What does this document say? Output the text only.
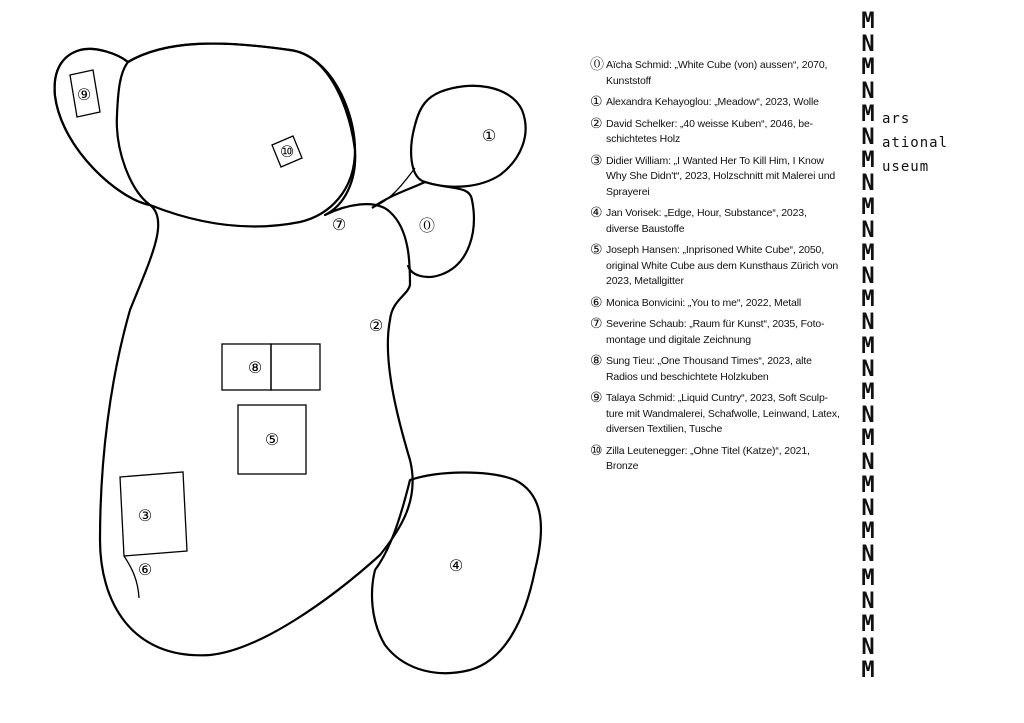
⓪
①
②
③
④
⑤
⑥
⑦
⑧
⑨
⑩
⓪ Aïcha Schmid: „White Cube (von) aussen“, 2070, Kunststoff
① Alexandra Kehayoglou: „Meadow“, 2023, Wolle
② David Schelker: „40 weisse Kuben“, 2046, be-schichtetes Holz
③ Didier William: „I Wanted Her To Kill Him, I Know Why She Didn't“, 2023, Holzschnitt mit Malerei und Sprayerei
④ Jan Vorisek: „Edge, Hour, Substance“, 2023, diverse Baustoffe
⑤ Joseph Hansen: „Inprisoned White Cube“, 2050, original White Cube aus dem Kunsthaus Zürich von 2023, Metallgitter
⑥ Monica Bonvicini: „You to me“, 2022, Metall
⑦ Severine Schaub: „Raum für Kunst“, 2035, Foto-montage und digitale Zeichnung
⑧ Sung Tieu: „One Thousand Times“, 2023, alte Radios und beschichtete Holzkuben
⑨ Talaya Schmid: „Liquid Cuntry“, 2023, Soft Sculp-ture mit Wandmalerei, Schafwolle, Leinwand, Latex, diversen Textilien, Tusche
⑩ Zilla Leutenegger: „Ohne Titel (Katze)“, 2021, Bronze
M
N
M
N
M
N
M
N
M
N
M
N
M
N
M
N
M
N
M
N
M
N
M
N
M
N
M
N
M
ars
ational
useum
